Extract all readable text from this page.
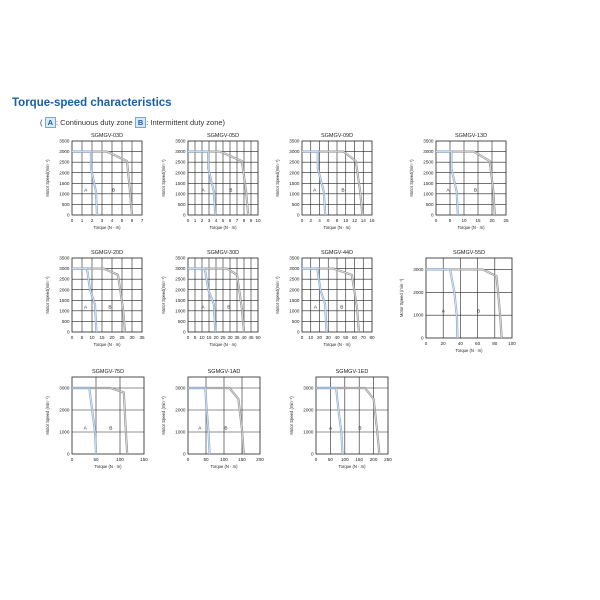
Torque-speed characteristics
( A : Continuous duty zone B : Intermittent duty zone)
SGMGV-03D
0 1 2 3 4 5 6 7
0
500
1000
1500
2000
2500
3000
3500
A	B
Torque (N · m)
Motor Speed(min⁻¹)
SGMGV-05D
0 1 2 3 4 5 6 7 8 9 10
0
500
1000
1500
2000
2500
3000
3500
A	B
Torque (N · m)
Motor Speed(min⁻¹)
SGMGV-09D
0 2 4 6 8 10 12 14 16
0
500
1000
1500
2000
2500
3000
3500
A	B
Torque (N · m)
Motor Speed(min⁻¹)
SGMGV-13D
0 5 10 15 20 25
0
500
1000
1500
2000
2500
3000
3500
A	B
Torque (N · m)
Motor Speed(min⁻¹)
SGMGV-20D
0 5 10 15 20 25 30 35
0
500
1000
1500
2000
2500
3000
3500
A	B
Torque (N · m)
Motor Speed(min⁻¹)
SGMGV-30D
0 5 10 15 20 25 30 35 40 45 50
0
500
1000
1500
2000
2500
3000
3500
A	B
Torque (N · m)
Motor Speed(min⁻¹)
SGMGV-44D
0 10 20 30 40 50 60 70 80
0
500
1000
1500
2000
2500
3000
3500
A	B
Torque (N · m)
Motor Speed(min⁻¹)
SGMGV-55D
0	20	40	60	80 100
0
1000
2000
3000
A	B
Torque (N · m)
Motor Speed (min⁻¹)
SGMGV-75D
0	50	100	150
0
1000
2000
3000
A	B
Torque (N · m)
Motor Speed (min⁻¹)
SGMGV-1AD
0	50	100 150 200
0
1000
2000
3000
A	B
Torque (N · m)
Motor Speed (min⁻¹)
SGMGV-1ED
0 50 100 150 200 250
0
1000
2000
3000
A	B
Torque (N · m)
Motor Speed (min⁻¹)
